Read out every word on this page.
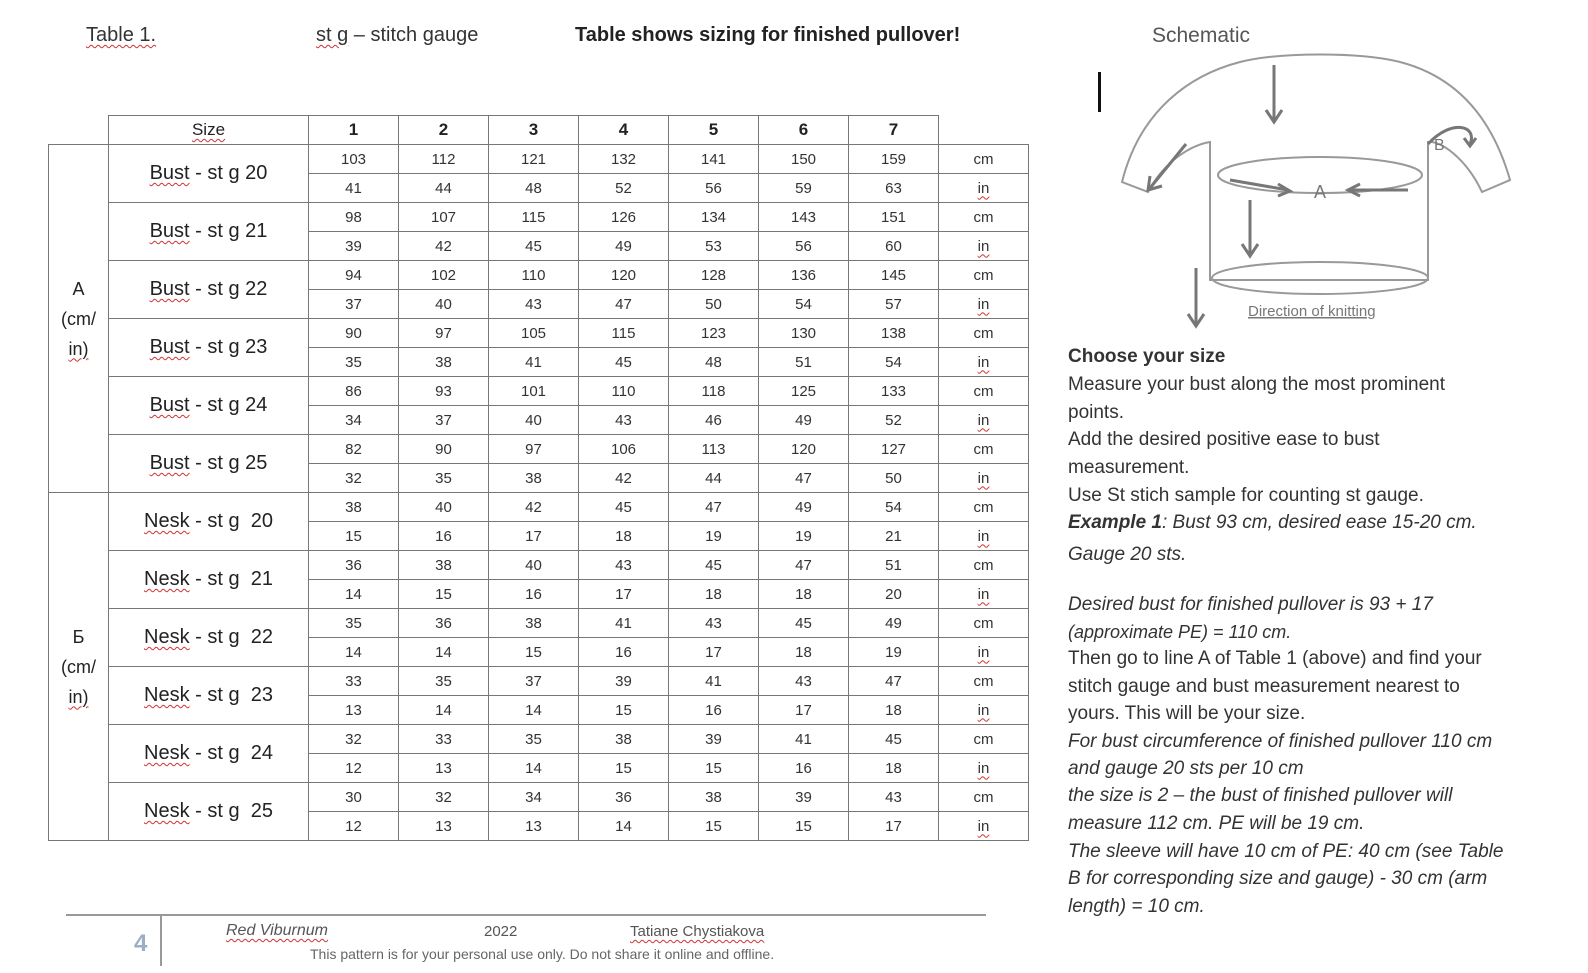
Table 1.	st g – stitch gauge	Table shows sizing for finished pullover!
	Size	1	2	3	4	5	6	7	

A
(cm/
in)	Bust - st g 20	103	112	121	132	141	150	159	cm
		41	44	48	52	56	59	63	in
	Bust - st g 21	98	107	115	126	134	143	151	cm
		39	42	45	49	53	56	60	in
	Bust - st g 22	94	102	110	120	128	136	145	cm
		37	40	43	47	50	54	57	in
	Bust - st g 23	90	97	105	115	123	130	138	cm
		35	38	41	45	48	51	54	in
	Bust - st g 24	86	93	101	110	118	125	133	cm
		34	37	40	43	46	49	52	in
	Bust - st g 25	82	90	97	106	113	120	127	cm
		32	35	38	42	44	47	50	in

Б
(cm/
in)	Nesk - st g  20	38	40	42	45	47	49	54	cm
		15	16	17	18	19	19	21	in
	Nesk - st g  21	36	38	40	43	45	47	51	cm
		14	15	16	17	18	18	20	in
	Nesk - st g  22	35	36	38	41	43	45	49	cm
		14	14	15	16	17	18	19	in
	Nesk - st g  23	33	35	37	39	41	43	47	cm
		13	14	14	15	16	17	18	in
	Nesk - st g  24	32	33	35	38	39	41	45	cm
		12	13	14	15	15	16	18	in
	Nesk - st g  25	30	32	34	36	38	39	43	cm
		12	13	13	14	15	15	17	in
Schematic
A
B
Direction of knitting
Choose your size
Measure your bust along the most prominent
points.
Add the desired positive ease to bust
measurement.
Use St stich sample for counting st gauge.
Example 1: Bust 93 cm, desired ease 15-20 cm.
Gauge 20 sts.
Desired bust for finished pullover is 93 + 17
(approximate PE) = 110 cm.
Then go to line A of Table 1 (above) and find your
stitch gauge and bust measurement nearest to
yours. This will be your size.
For bust circumference of finished pullover 110 cm
and gauge 20 sts per 10 cm
the size is 2 – the bust of finished pullover will
measure 112 cm. PE will be 19 cm.
The sleeve will have 10 cm of PE: 40 cm (see Table
B for corresponding size and gauge) - 30 cm (arm
length) = 10 cm.
4	Red Viburnum	2022	Tatiane Chystiakova
This pattern is for your personal use only. Do not share it online and offline.
